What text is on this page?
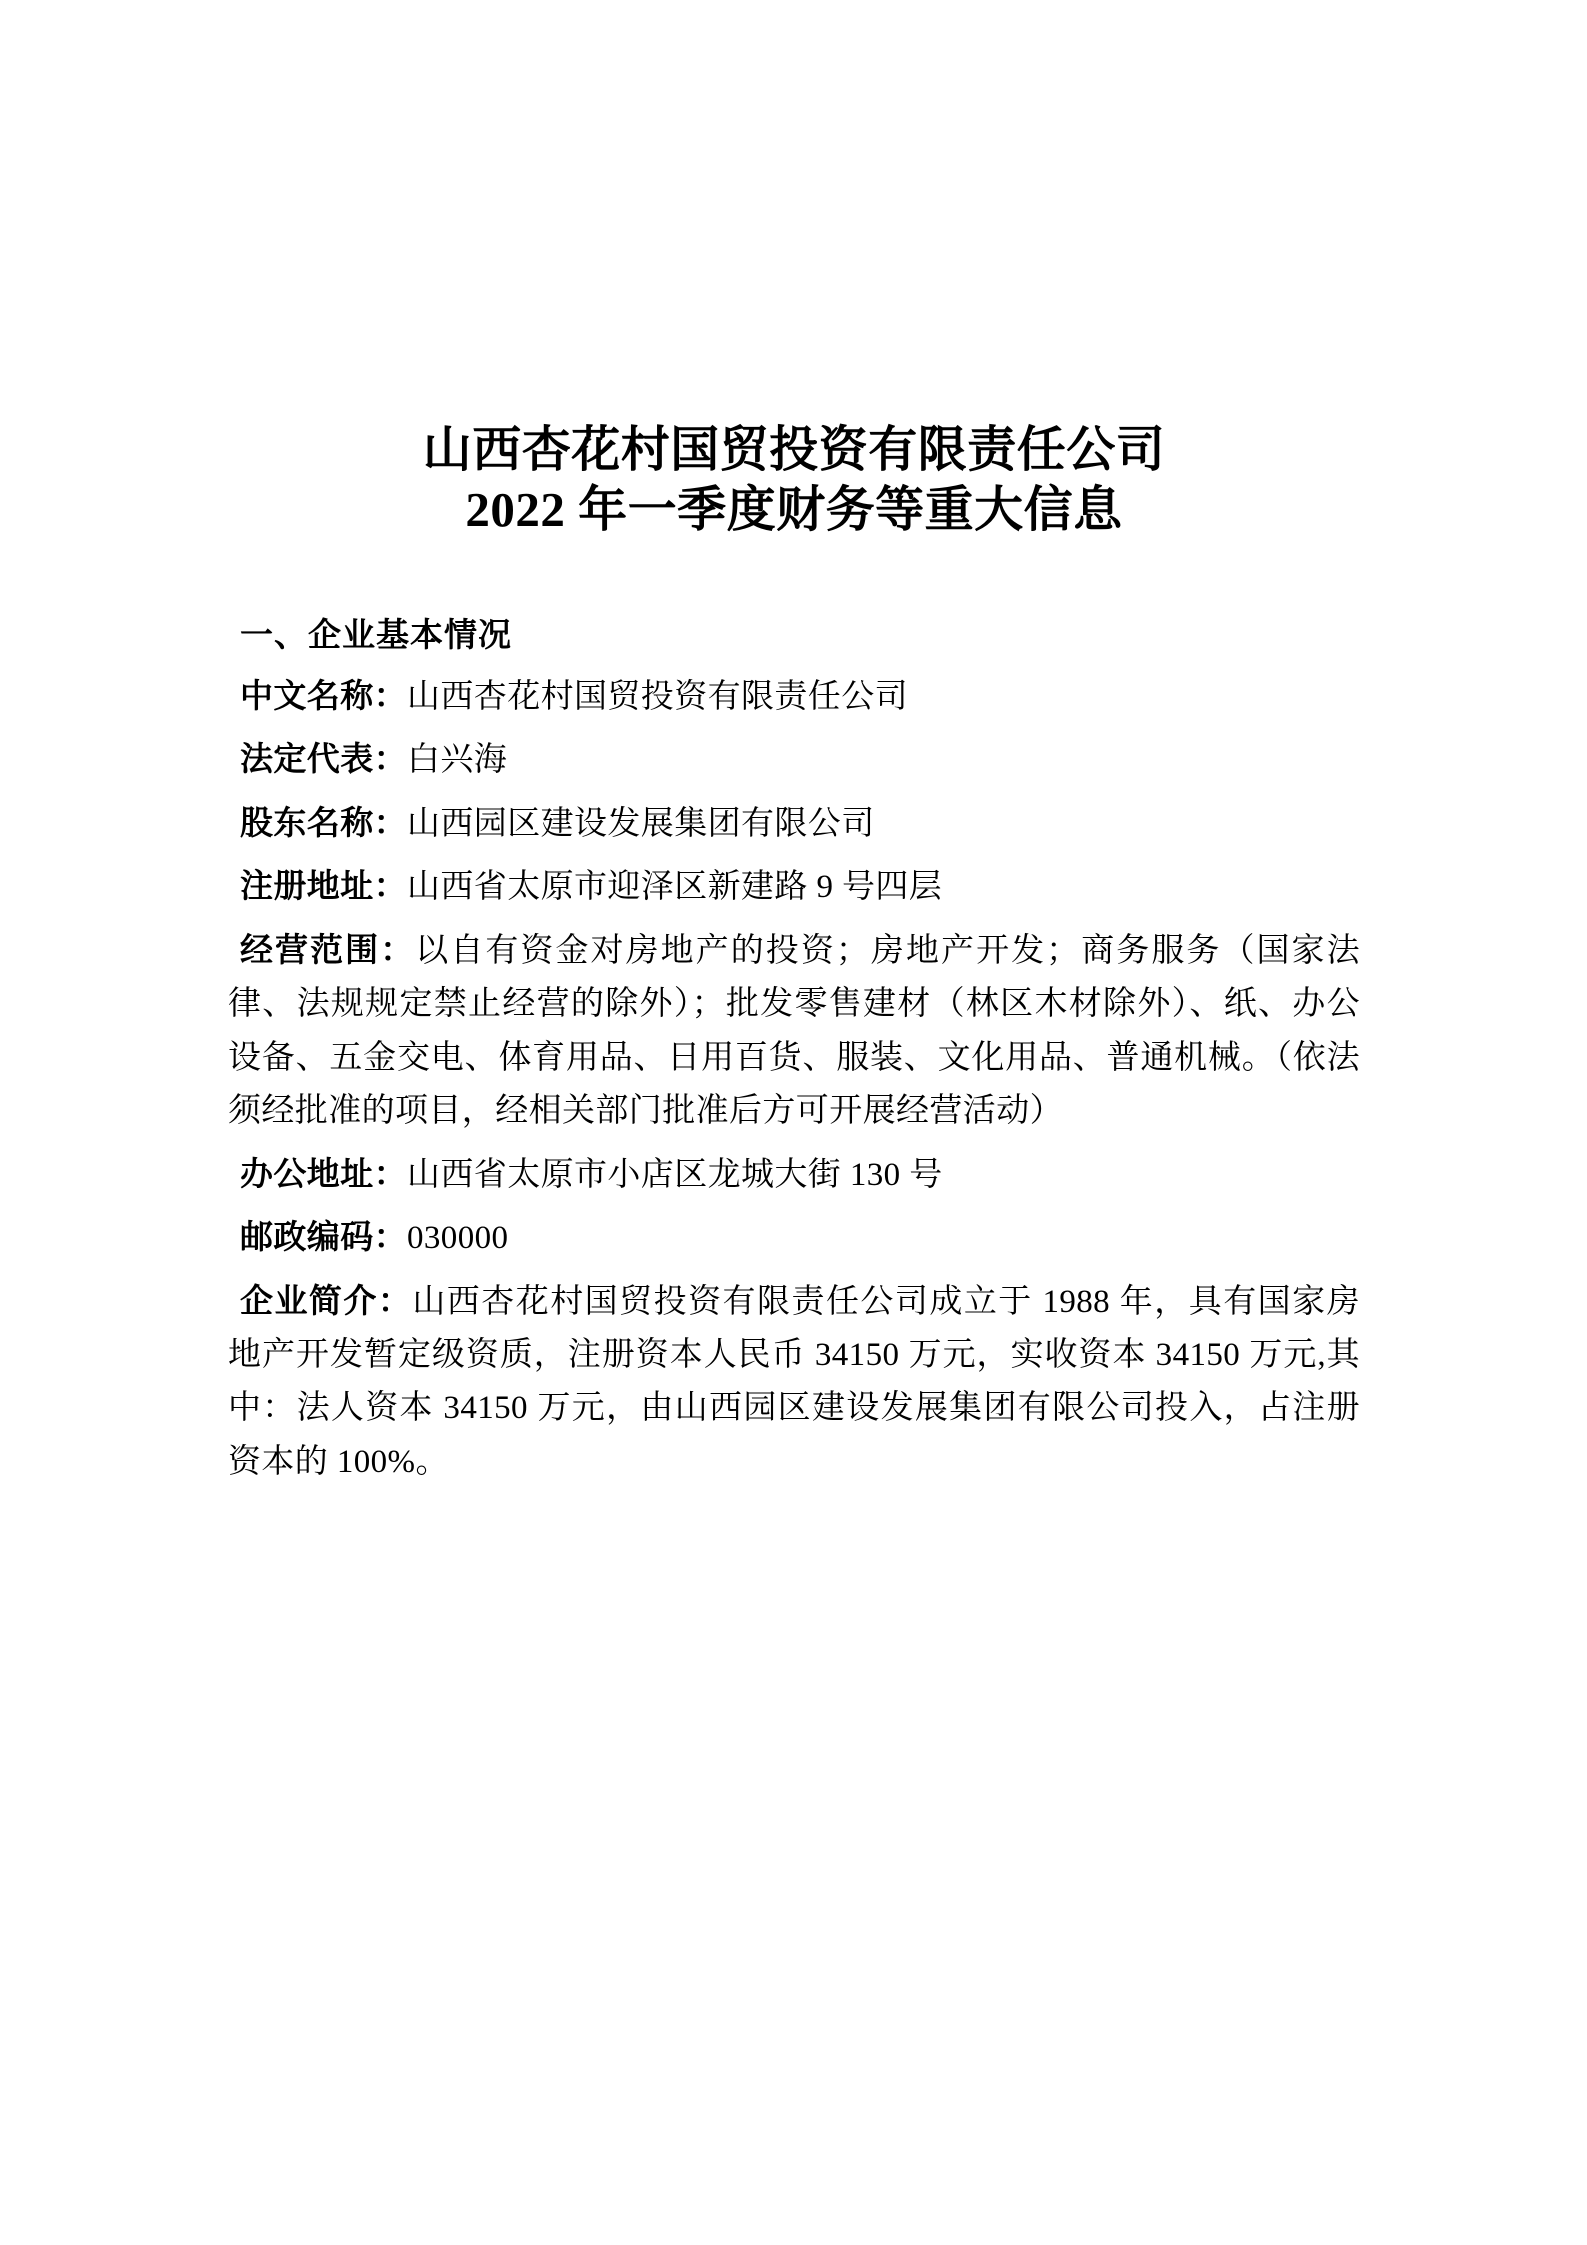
山西杏花村国贸投资有限责任公司
2022 年一季度财务等重大信息
一、企业基本情况
中文名称：山西杏花村国贸投资有限责任公司
法定代表：白兴海
股东名称：山西园区建设发展集团有限公司
注册地址：山西省太原市迎泽区新建路 9 号四层
经营范围：以自有资金对房地产的投资；房地产开发；商务服务（国家法律、法规规定禁止经营的除外）；批发零售建材（林区木材除外）、纸、办公设备、五金交电、体育用品、日用百货、服装、文化用品、普通机械。（依法须经批准的项目，经相关部门批准后方可开展经营活动）
办公地址：山西省太原市小店区龙城大街 130 号
邮政编码：030000
企业简介：山西杏花村国贸投资有限责任公司成立于 1988 年，具有国家房地产开发暂定级资质，注册资本人民币 34150 万元，实收资本 34150 万元,其中：法人资本 34150 万元，由山西园区建设发展集团有限公司投入，占注册资本的 100%。
